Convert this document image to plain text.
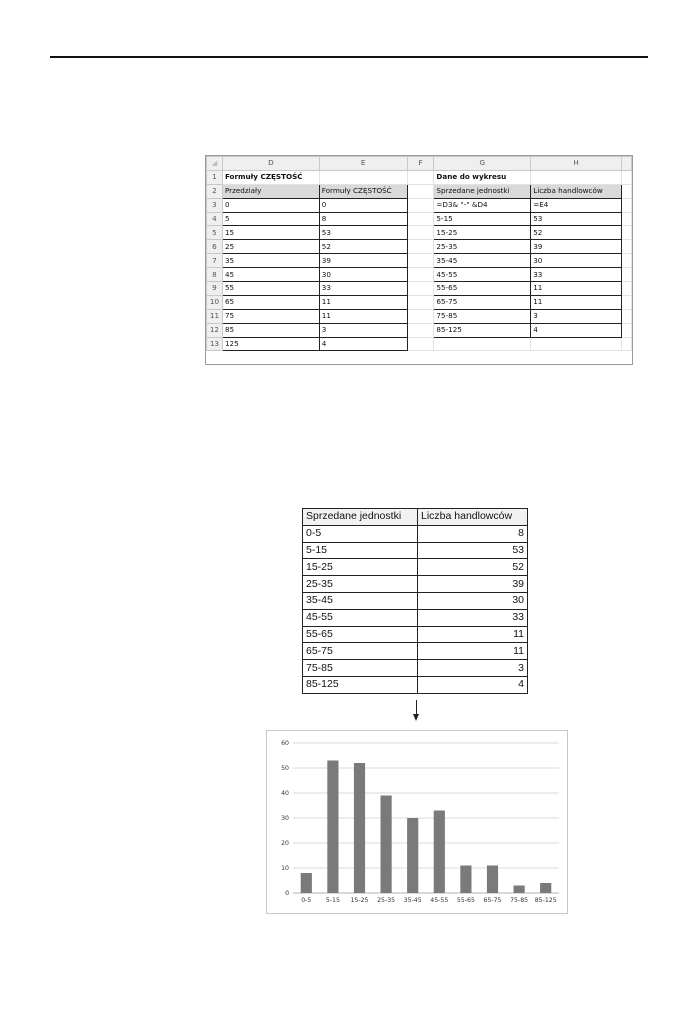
◢	D	E	F	G	H	
1	Formuły CZĘSTOŚĆ			Dane do wykresu		
2	Przedziały	Formuły CZĘSTOŚĆ		Sprzedane jednostki	Liczba handlowców	
3	0	0		=D3& "-" &D4	=E4	
4	5	8		5-15	53	
5	15	53		15-25	52	
6	25	52		25-35	39	
7	35	39		35-45	30	
8	45	30		45-55	33	
9	55	33		55-65	11	
10	65	11		65-75	11	
11	75	11		75-85	3	
12	85	3		85-125	4	
13	125	4				
Sprzedane jednostki	Liczba handlowców
0-5	8
5-15	53
15-25	52
25-35	39
35-45	30
45-55	33
55-65	11
65-75	11
75-85	3
85-125	4
0
10
20
30
40
50
60
0-5 5-15 15-25 25-35 35-45 45-55 55-65 65-75 75-85 85-125
